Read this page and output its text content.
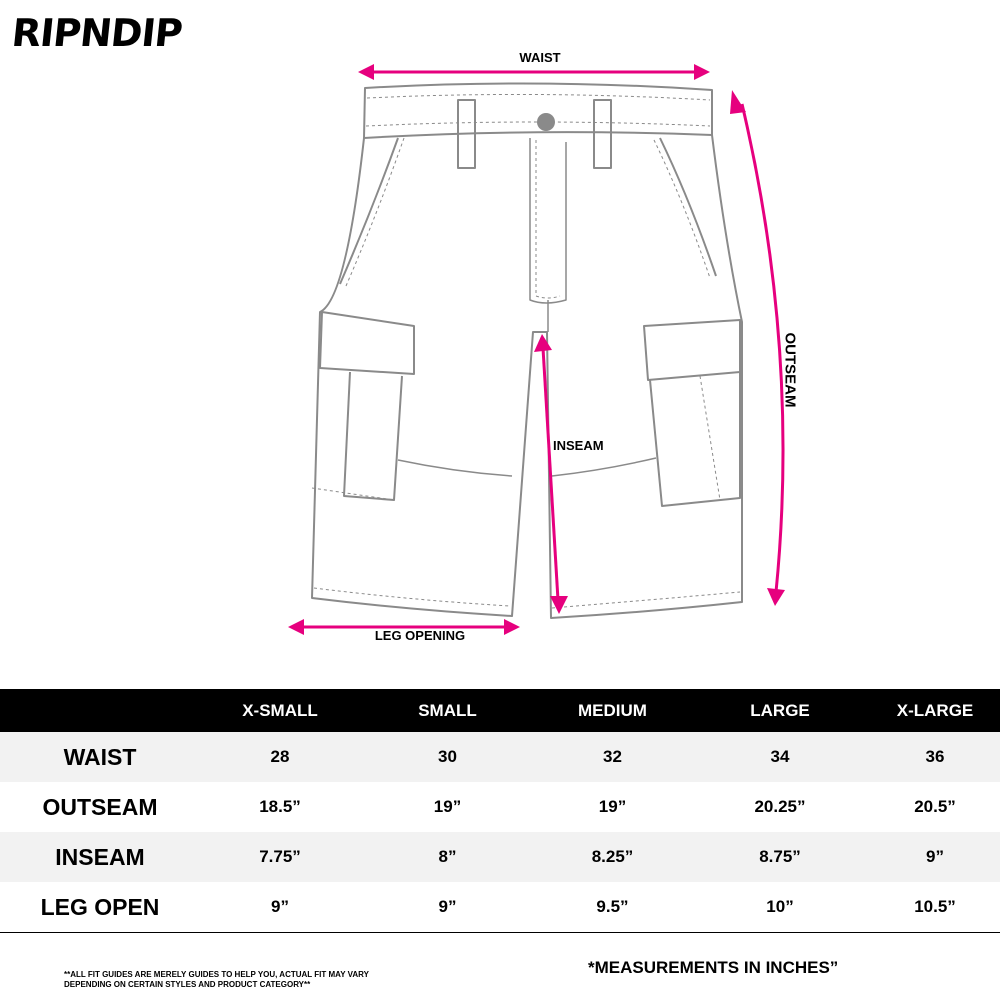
RIPNDIP
WAIST
INSEAM
LEG OPENING
OUTSEAM
	X-SMALL	SMALL	MEDIUM	LARGE	X-LARGE
WAIST	28	30	32	34	36
OUTSEAM	18.5”	19”	19”	20.25”	20.5”
INSEAM	7.75”	8”	8.25”	8.75”	9”
LEG OPEN	9”	9”	9.5”	10”	10.5”
**ALL FIT GUIDES ARE MERELY GUIDES TO HELP YOU, ACTUAL FIT MAY VARY DEPENDING ON CERTAIN STYLES AND PRODUCT CATEGORY**
*MEASUREMENTS IN INCHES”
